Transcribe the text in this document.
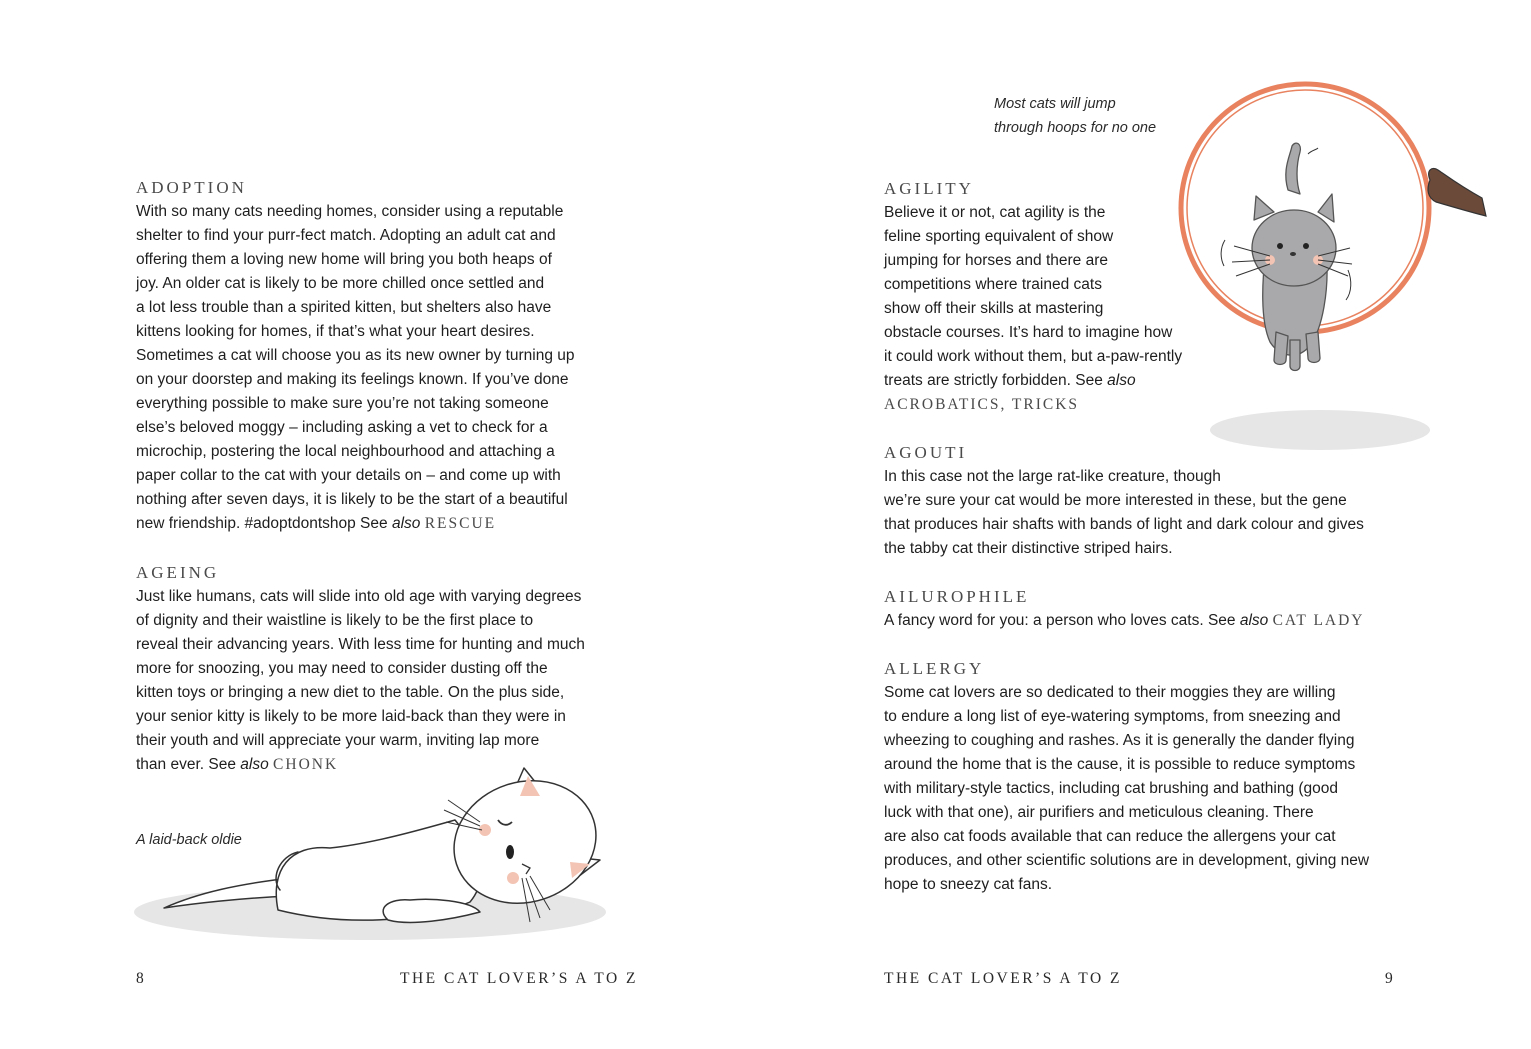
ADOPTION
With so many cats needing homes, consider using a reputable
shelter to find your purr-fect match. Adopting an adult cat and
offering them a loving new home will bring you both heaps of
joy. An older cat is likely to be more chilled once settled and
a lot less trouble than a spirited kitten, but shelters also have
kittens looking for homes, if that’s what your heart desires.
Sometimes a cat will choose you as its new owner by turning up
on your doorstep and making its feelings known. If you’ve done
everything possible to make sure you’re not taking someone
else’s beloved moggy – including asking a vet to check for a
microchip, postering the local neighbourhood and attaching a
paper collar to the cat with your details on – and come up with
nothing after seven days, it is likely to be the start of a beautiful
new friendship. #adoptdontshop See also RESCUE
AGEING
Just like humans, cats will slide into old age with varying degrees
of dignity and their waistline is likely to be the first place to
reveal their advancing years. With less time for hunting and much
more for snoozing, you may need to consider dusting off the
kitten toys or bringing a new diet to the table. On the plus side,
your senior kitty is likely to be more laid-back than they were in
their youth and will appreciate your warm, inviting lap more
than ever. See also CHONK
A laid-back oldie
8	THE CAT LOVER’S A TO Z
Most cats will jump
through hoops for no one
AGILITY
Believe it or not, cat agility is the
feline sporting equivalent of show
jumping for horses and there are
competitions where trained cats
show off their skills at mastering
obstacle courses. It’s hard to imagine how
it could work without them, but a-paw-rently
treats are strictly forbidden. See also
ACROBATICS, TRICKS
AGOUTI
In this case not the large rat-like creature, though
we’re sure your cat would be more interested in these, but the gene
that produces hair shafts with bands of light and dark colour and gives
the tabby cat their distinctive striped hairs.
AILUROPHILE
A fancy word for you: a person who loves cats. See also CAT LADY
ALLERGY
Some cat lovers are so dedicated to their moggies they are willing
to endure a long list of eye-watering symptoms, from sneezing and
wheezing to coughing and rashes. As it is generally the dander flying
around the home that is the cause, it is possible to reduce symptoms
with military-style tactics, including cat brushing and bathing (good
luck with that one), air purifiers and meticulous cleaning. There
are also cat foods available that can reduce the allergens your cat
produces, and other scientific solutions are in development, giving new
hope to sneezy cat fans.
THE CAT LOVER’S A TO Z	9
